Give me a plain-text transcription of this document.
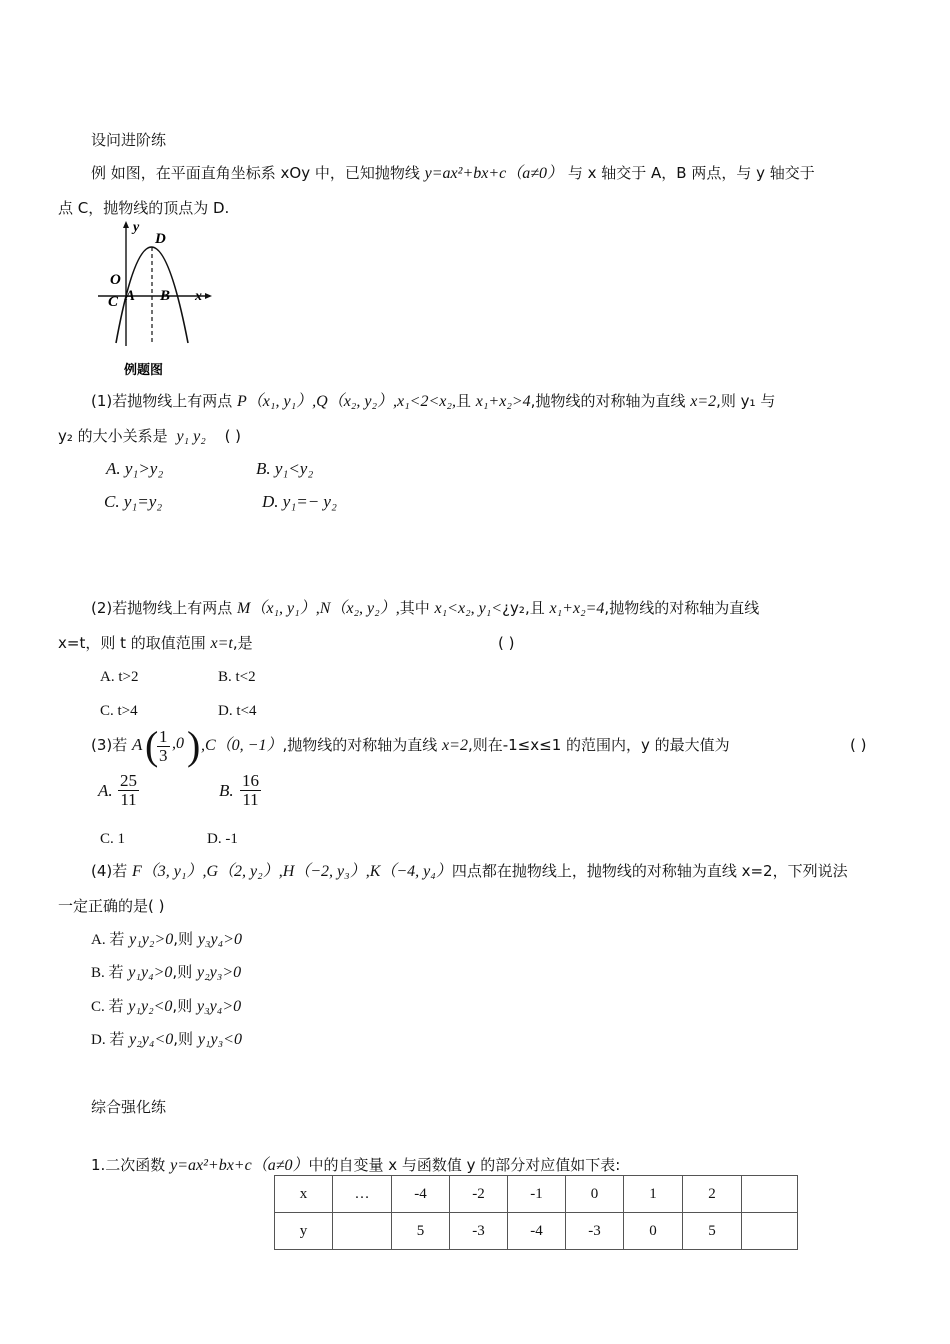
设问进阶练
例 如图，在平面直角坐标系 xOy 中，已知抛物线 y=ax²+bx+c（a≠0） 与 x 轴交于 A，B 两点，与 y 轴交于
点 C，抛物线的顶点为 D.
y
x
O
C A B
D
例题图
(1)若抛物线上有两点 P（x₁, y₁）,Q（x₂, y₂）,x₁<2<x₂,且 x₁+x₂>4,抛物线的对称轴为直线 x=2,则 y₁ 与
y₂ 的大小关系是 y₁ y₂ ( )
A. y₁>y₂	B. y₁<y₂
C. y₁=y₂	D. y₁=− y₂
(2)若抛物线上有两点 M（x₁, y₁）,N（x₂, y₂）,其中 x₁<x₂, y₁<¿y₂,且 x₁+x₂=4,抛物线的对称轴为直线
x=t，则 t 的取值范围 x=t,是	( )
A. t>2	B. t<2
C. t>4	D. t<4
(3)若 A (
$\frac{1}{3} ,0$ ) ,C（0, −1）,抛物线的对称轴为直线 x=2,则在-1≤x≤1 的范围内，y 的最大值为	( )
A. $\frac{25}{11}$	B. $\frac{16}{11}$
C. 1	D. -1
(4)若 F（3, y₁）,G（2, y₂）,H（−2, y₃）,K（−4, y₄）四点都在抛物线上，抛物线的对称轴为直线 x=2，下列说法
一定正确的是( )
A. 若 y₁y₂>0,则 y₃y₄>0
B. 若 y₁y₄>0,则 y₂y₃>0
C. 若 y₁y₂<0,则 y₃y₄>0
D. 若 y₂y₄<0,则 y₁y₃<0
综合强化练
1.二次函数 y=ax²+bx+c（a≠0）中的自变量 x 与函数值 y 的部分对应值如下表:
x	…	-4	-2	-1	0	1	2	
y		5	-3	-4	-3	0	5	
